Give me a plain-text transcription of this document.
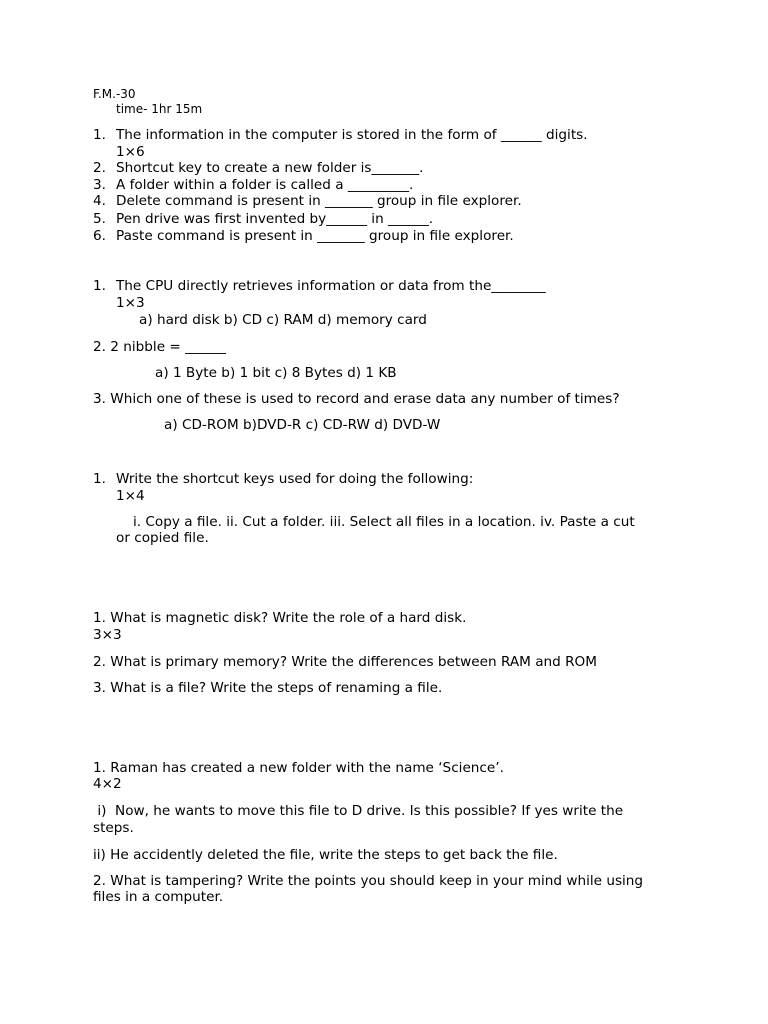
F.M.-30
time- 1hr 15m
1. The information in the computer is stored in the form of ______ digits.
1×6
2. Shortcut key to create a new folder is_______.
3. A folder within a folder is called a _________.
4. Delete command is present in _______ group in file explorer.
5. Pen drive was first invented by______ in ______.
6. Paste command is present in _______ group in file explorer.
1. The CPU directly retrieves information or data from the________
1×3
a) hard disk b) CD c) RAM d) memory card
2. 2 nibble = ______
a) 1 Byte b) 1 bit c) 8 Bytes d) 1 KB
3. Which one of these is used to record and erase data any number of times?
a) CD-ROM b)DVD-R c) CD-RW d) DVD-W
1. Write the shortcut keys used for doing the following:
1×4
i. Copy a file. ii. Cut a folder. iii. Select all files in a location. iv. Paste a cut
or copied file.
1. What is magnetic disk? Write the role of a hard disk.
3×3
2. What is primary memory? Write the differences between RAM and ROM
3. What is a file? Write the steps of renaming a file.
1. Raman has created a new folder with the name ‘Science’.
4×2
i)  Now, he wants to move this file to D drive. Is this possible? If yes write the
steps.
ii) He accidently deleted the file, write the steps to get back the file.
2. What is tampering? Write the points you should keep in your mind while using
files in a computer.
